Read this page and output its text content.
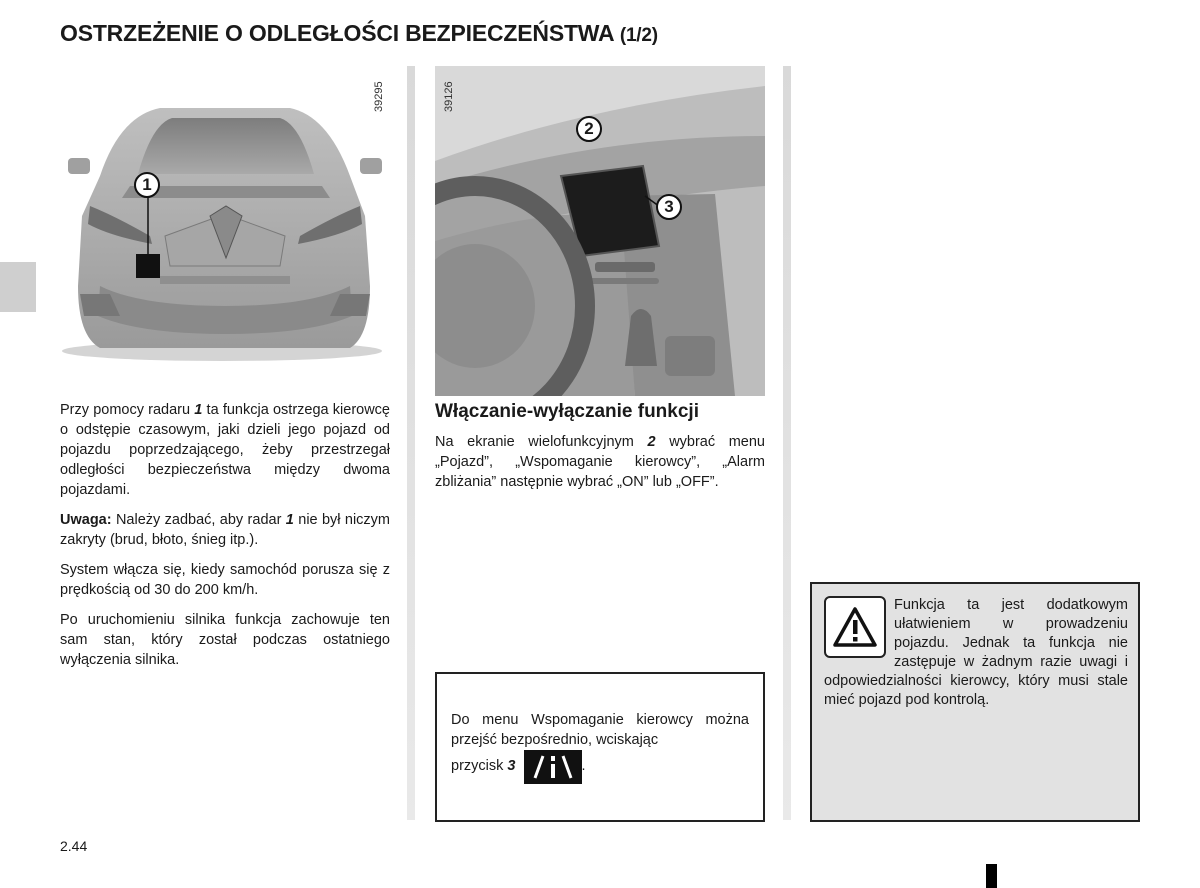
OSTRZEŻENIE O ODLEGŁOŚCI BEZPIECZEŃSTWA (1/2)
39295
1
39126
2
3

Przy pomocy radaru 1 ta funkcja ostrzega kierowcę o odstępie czasowym, jaki dzieli jego pojazd od pojazdu poprzedzającego, żeby przestrzegał odległości bezpieczeństwa między dwoma pojazdami.

Uwaga: Należy zadbać, aby radar 1 nie był niczym zakryty (brud, błoto, śnieg itp.).

System włącza się, kiedy samochód porusza się z prędkością od 30 do 200 km/h.

Po uruchomieniu silnika funkcja zachowuje ten sam stan, który został podczas ostatniego wyłączenia silnika.

Włączanie-wyłączanie funkcji

Na ekranie wielofunkcyjnym 2 wybrać menu „Pojazd”, „Wspomaganie kierowcy”, „Alarm zbliżania” następnie wybrać „ON” lub „OFF”.

Do menu Wspomaganie kierowcy można przejść bezpośrednio, wciskając
przycisk 3	.
Funkcja ta jest dodatkowym ułatwieniem w prowadzeniu pojazdu. Jednak ta funkcja nie zastępuje w żadnym razie uwagi i odpowiedzialności kierowcy, który musi stale mieć pojazd pod kontrolą.
2.44
